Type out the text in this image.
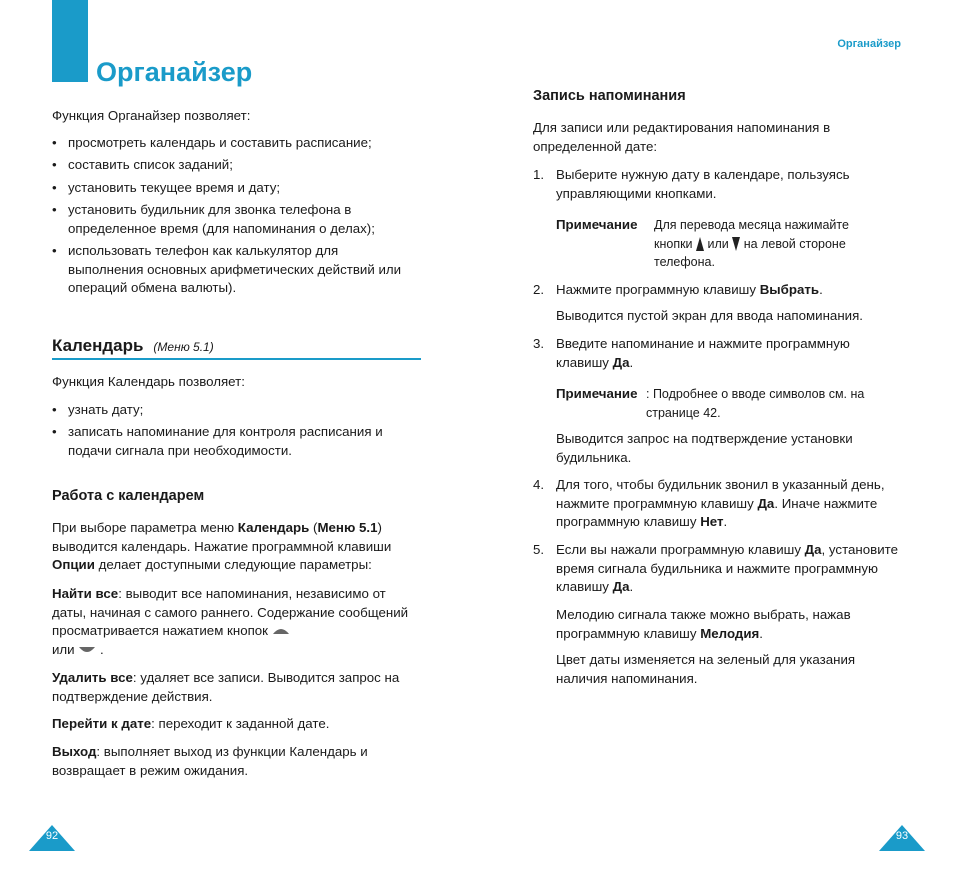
Органайзер
Органайзер
Функция Органайзер позволяет:
• просмотреть календарь и составить расписание;
• составить список заданий;
• установить текущее время и дату;
• установить будильник для звонка телефона в определенное время (для напоминания о делах);
• использовать телефон как калькулятор для выполнения основных арифметических действий или операций обмена валюты).
Календарь (Меню 5.1)
Функция Календарь позволяет:
• узнать дату;
• записать напоминание для контроля расписания и подачи сигнала при необходимости.
Работа с календарем
При выборе параметра меню Календарь (Меню 5.1) выводится календарь. Нажатие программной клавиши Опции делает доступными следующие параметры:
Найти все: выводит все напоминания, независимо от даты, начиная с самого раннего. Содержание сообщений просматривается нажатием кнопок
или .
Удалить все: удаляет все записи. Выводится запрос на подтверждение действия.
Перейти к дате: переходит к заданной дате.
Выход: выполняет выход из функции Календарь и возвращает в режим ожидания.
92
Запись напоминания
Для записи или редактирования напоминания в определенной дате:
1. Выберите нужную дату в календаре, пользуясь управляющими кнопками.
Примечание Для перевода месяца нажимайте
кнопки или на левой стороне
телефона.
2. Нажмите программную клавишу Выбрать.
Выводится пустой экран для ввода напоминания.
3. Введите напоминание и нажмите программную клавишу Да.
Примечание : Подробнее о вводе символов см. на странице 42.
Выводится запрос на подтверждение установки будильника.
4. Для того, чтобы будильник звонил в указанный день, нажмите программную клавишу Да. Иначе нажмите программную клавишу Нет.
5. Если вы нажали программную клавишу Да, установите время сигнала будильника и нажмите программную клавишу Да.
Мелодию сигнала также можно выбрать, нажав программную клавишу Мелодия.
Цвет даты изменяется на зеленый для указания наличия напоминания.
93
